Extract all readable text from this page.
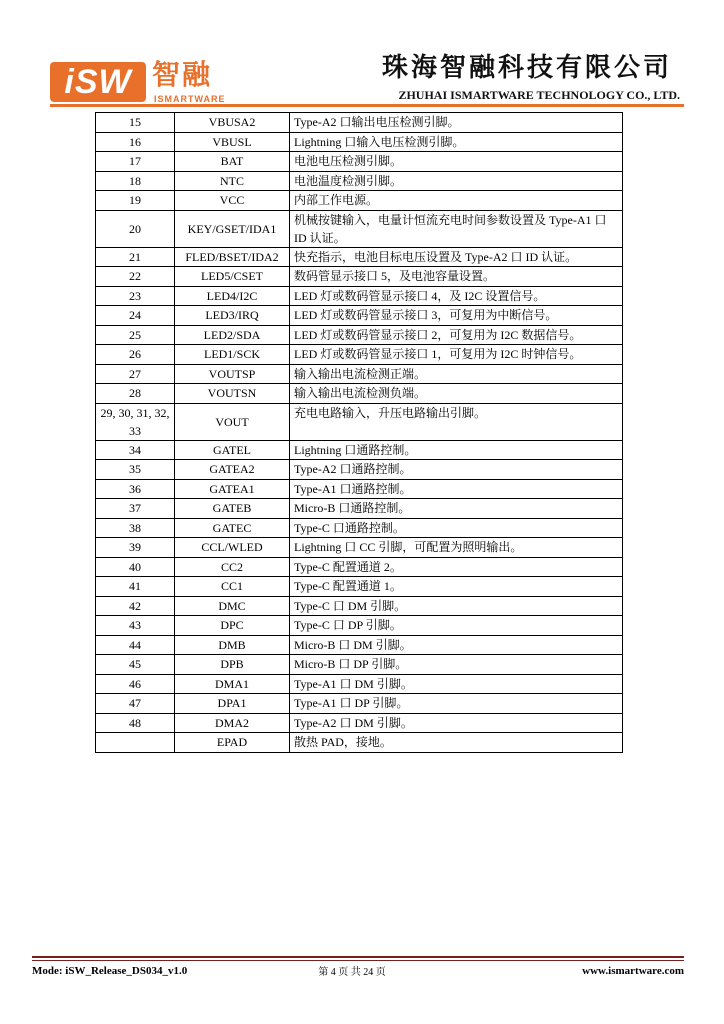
iSW 智融
ISMARTWARE
珠海智融科技有限公司
ZHUHAI ISMARTWARE TECHNOLOGY CO., LTD.
15	VBUSA2	Type-A2 口输出电压检测引脚。
16	VBUSL	Lightning 口输入电压检测引脚。
17	BAT	电池电压检测引脚。
18	NTC	电池温度检测引脚。
19	VCC	内部工作电源。
20	KEY/GSET/IDA1	机械按键输入，电量计恒流充电时间参数设置及 Type-A1 口 ID 认证。
21	FLED/BSET/IDA2	快充指示，电池目标电压设置及 Type-A2 口 ID 认证。
22	LED5/CSET	数码管显示接口 5，及电池容量设置。
23	LED4/I2C	LED 灯或数码管显示接口 4，及 I2C 设置信号。
24	LED3/IRQ	LED 灯或数码管显示接口 3，可复用为中断信号。
25	LED2/SDA	LED 灯或数码管显示接口 2，可复用为 I2C 数据信号。
26	LED1/SCK	LED 灯或数码管显示接口 1，可复用为 I2C 时钟信号。
27	VOUTSP	输入输出电流检测正端。
28	VOUTSN	输入输出电流检测负端。
29, 30, 31, 32, 33	VOUT	充电电路输入，升压电路输出引脚。
34	GATEL	Lightning 口通路控制。
35	GATEA2	Type-A2 口通路控制。
36	GATEA1	Type-A1 口通路控制。
37	GATEB	Micro-B 口通路控制。
38	GATEC	Type-C 口通路控制。
39	CCL/WLED	Lightning 口 CC 引脚，可配置为照明输出。
40	CC2	Type-C 配置通道 2。
41	CC1	Type-C 配置通道 1。
42	DMC	Type-C 口 DM 引脚。
43	DPC	Type-C 口 DP 引脚。
44	DMB	Micro-B 口 DM 引脚。
45	DPB	Micro-B 口 DP 引脚。
46	DMA1	Type-A1 口 DM 引脚。
47	DPA1	Type-A1 口 DP 引脚。
48	DMA2	Type-A2 口 DM 引脚。
	EPAD	散热 PAD，接地。
Mode: iSW_Release_DS034_v1.0	第 4 页 共 24 页	www.ismartware.com
